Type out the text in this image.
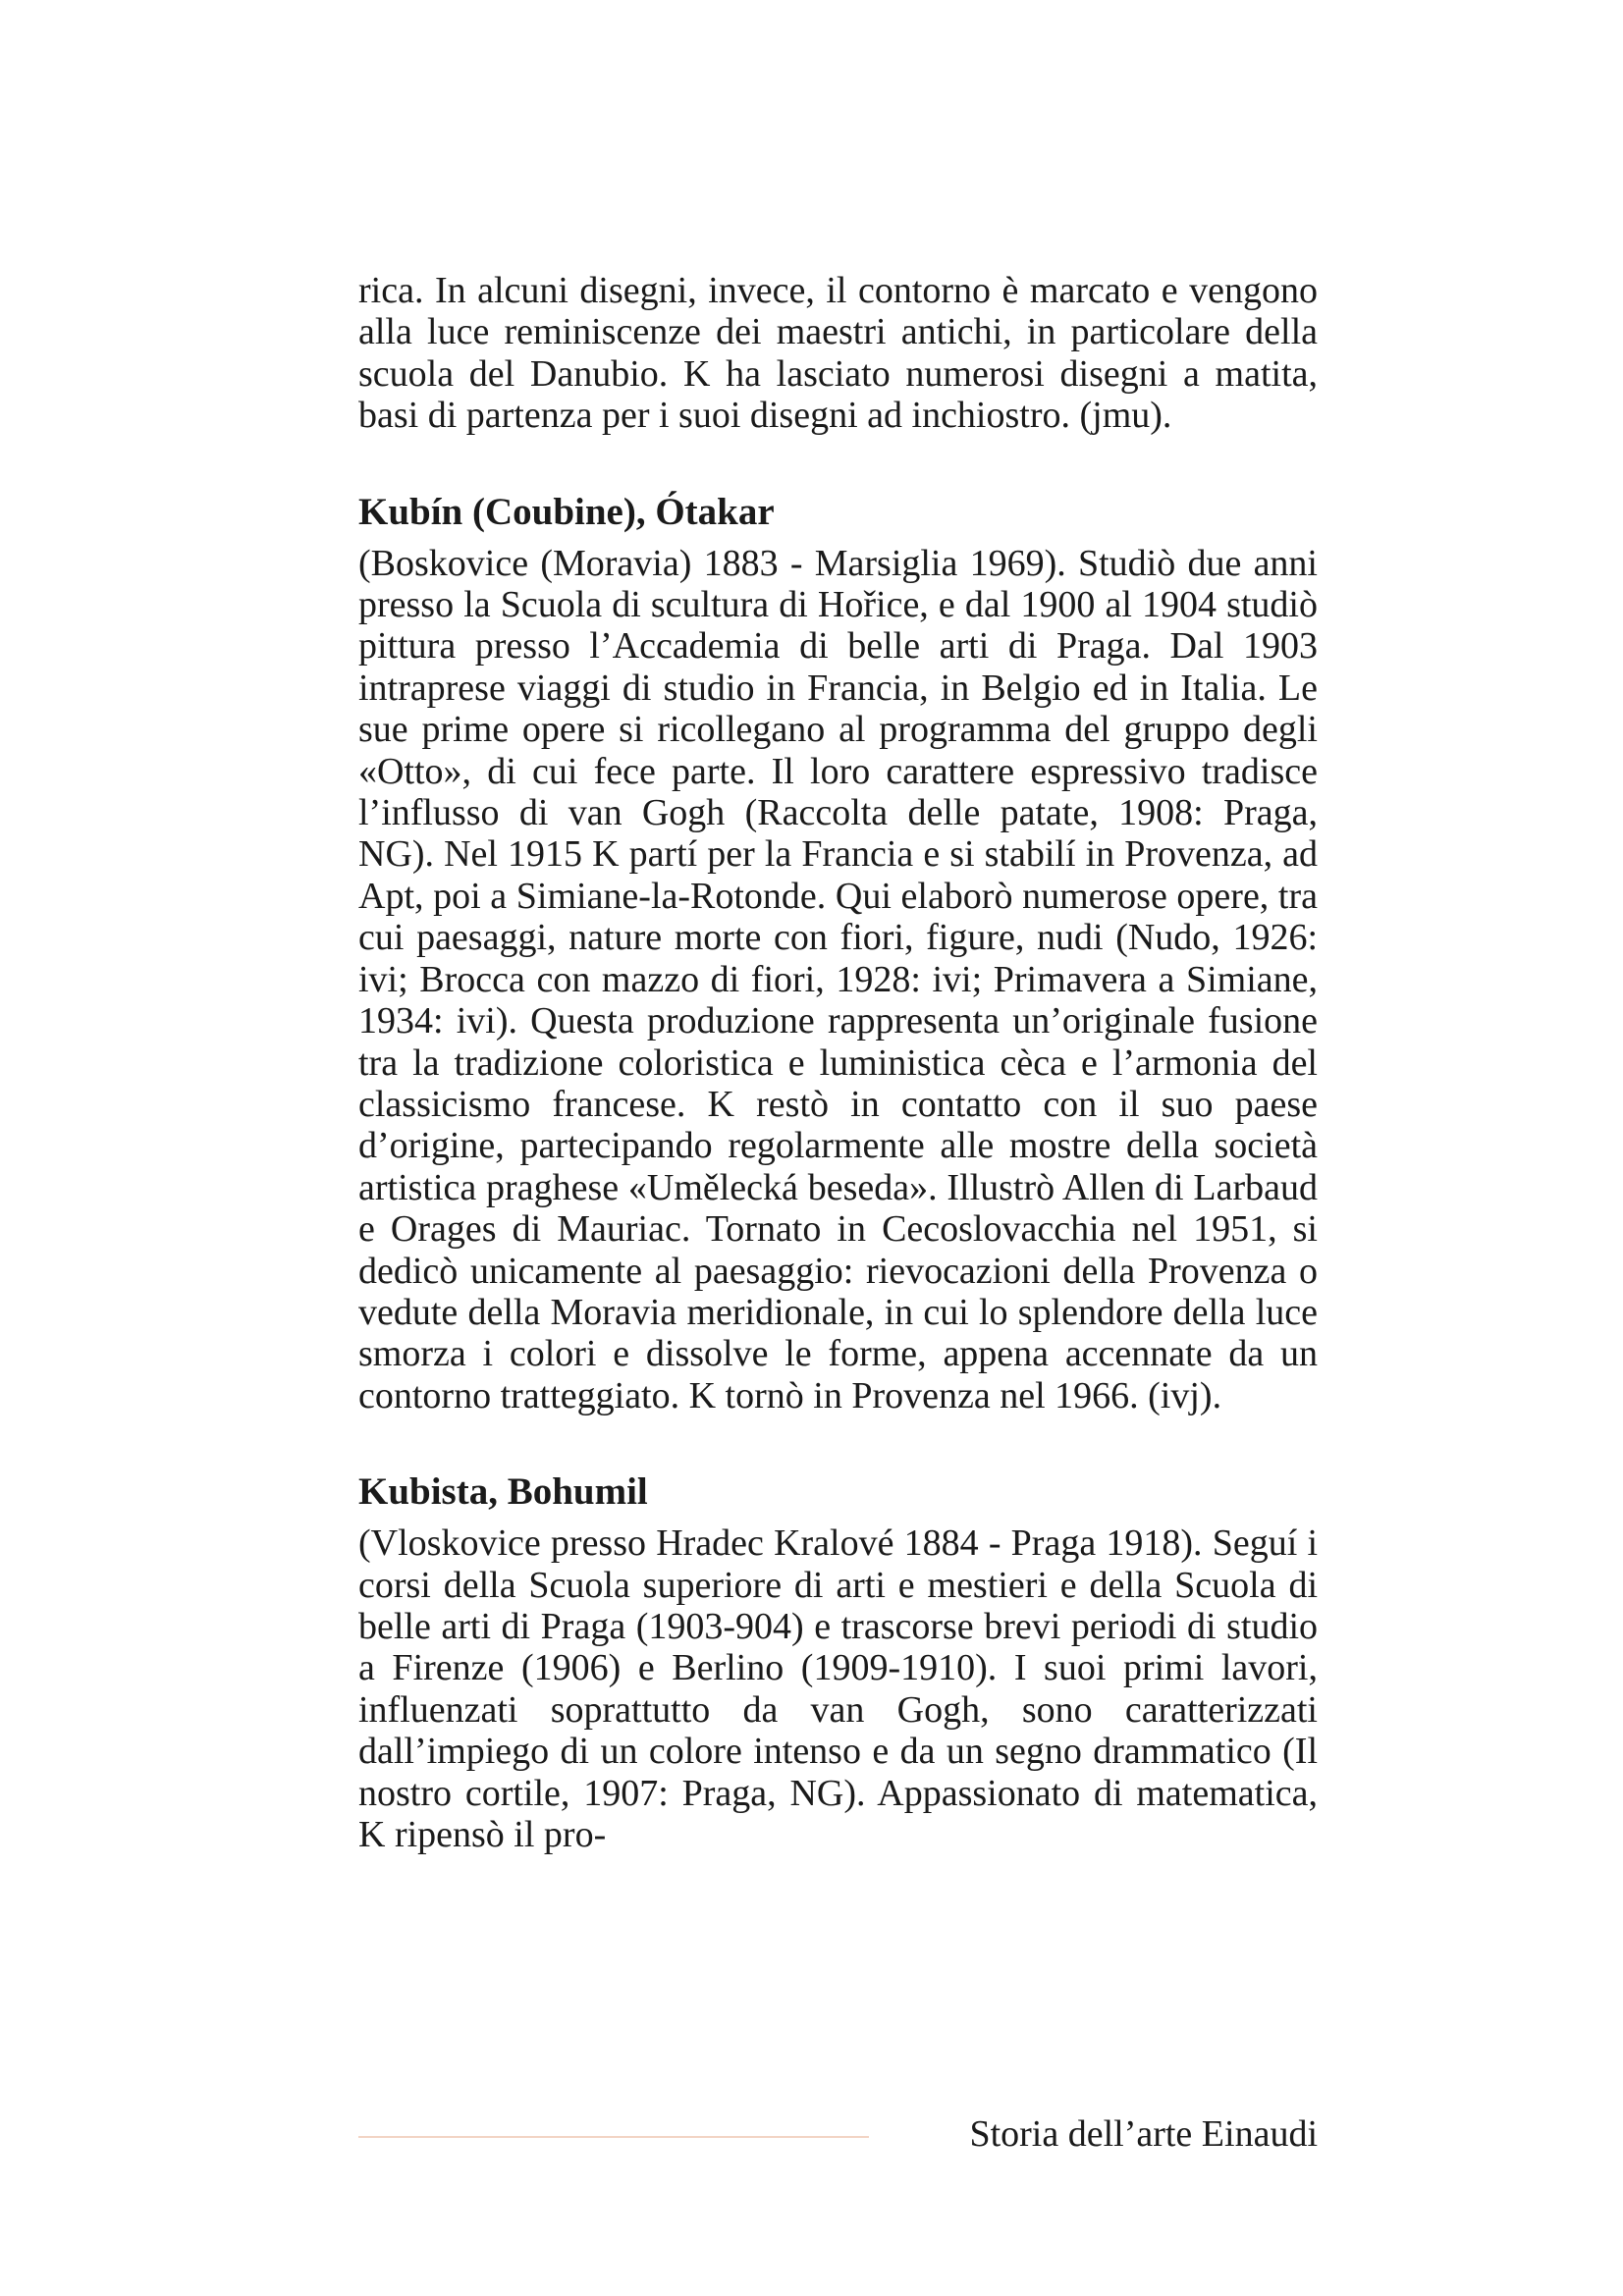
rica. In alcuni disegni, invece, il contorno è marcato e vengono alla luce reminiscenze dei maestri antichi, in particolare della scuola del Danubio. K ha lasciato numerosi disegni a matita, basi di partenza per i suoi disegni ad inchiostro. (jmu).

Kubín (Coubine), Ótakar

(Boskovice (Moravia) 1883 - Marsiglia 1969). Studiò due anni presso la Scuola di scultura di Hořice, e dal 1900 al 1904 studiò pittura presso l’Accademia di belle arti di Praga. Dal 1903 intraprese viaggi di studio in Francia, in Belgio ed in Italia. Le sue prime opere si ricollegano al programma del gruppo degli «Otto», di cui fece parte. Il loro carattere espressivo tradisce l’influsso di van Gogh (Raccolta delle patate, 1908: Praga, NG). Nel 1915 K partí per la Francia e si stabilí in Provenza, ad Apt, poi a Simiane-la-Rotonde. Qui elaborò numerose opere, tra cui paesaggi, nature morte con fiori, figure, nudi (Nudo, 1926: ivi; Brocca con mazzo di fiori, 1928: ivi; Primavera a Simiane, 1934: ivi). Questa produzione rappresenta un’originale fusione tra la tradizione coloristica e luministica cèca e l’armonia del classicismo francese. K restò in contatto con il suo paese d’origine, partecipando regolarmente alle mostre della società artistica praghese «Umělecká beseda». Illustrò Allen di Larbaud e Orages di Mauriac. Tornato in Cecoslovacchia nel 1951, si dedicò unicamente al paesaggio: rievocazioni della Provenza o vedute della Moravia meridionale, in cui lo splendore della luce smorza i colori e dissolve le forme, appena accennate da un contorno tratteggiato. K tornò in Provenza nel 1966. (ivj).

Kubista, Bohumil

(Vloskovice presso Hradec Kralové 1884 - Praga 1918). Seguí i corsi della Scuola superiore di arti e mestieri e della Scuola di belle arti di Praga (1903-904) e trascorse brevi periodi di studio a Firenze (1906) e Berlino (1909-1910). I suoi primi lavori, influenzati soprattutto da van Gogh, sono caratterizzati dall’impiego di un colore intenso e da un segno drammatico (Il nostro cortile, 1907: Praga, NG). Appassionato di matematica, K ripensò il pro-

Storia dell’arte Einaudi
